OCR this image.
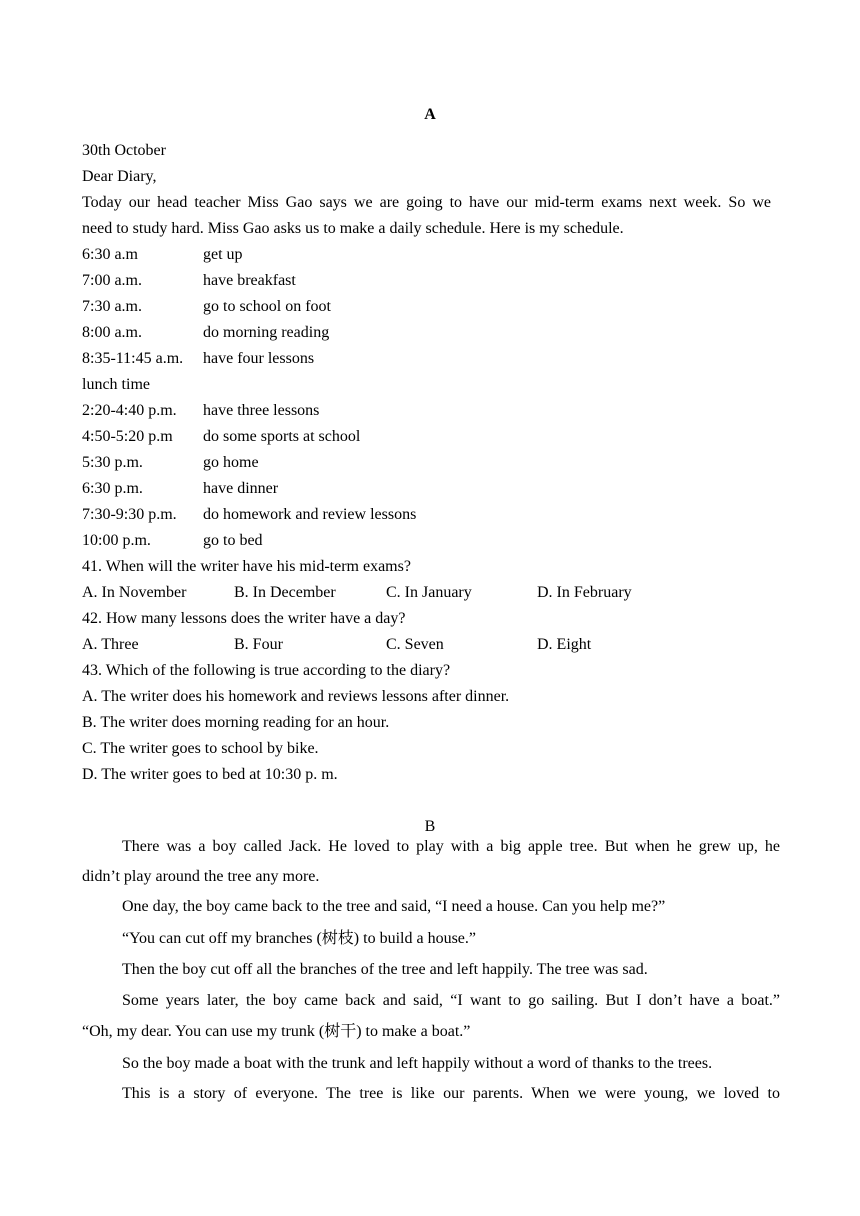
A
30th October
Dear Diary,
Today our head teacher Miss Gao says we are going to have our mid-term exams next week. So we
need to study hard. Miss Gao asks us to make a daily schedule. Here is my schedule.
6:30 a.m	get up
7:00 a.m.	have breakfast
7:30 a.m.	go to school on foot
8:00 a.m.	do morning reading
8:35-11:45 a.m. have four lessons
lunch time
2:20-4:40 p.m. have three lessons
4:50-5:20 p.m do some sports at school
5:30 p.m.	go home
6:30 p.m.	have dinner
7:30-9:30 p.m. do homework and review lessons
10:00 p.m.	go to bed
41. When will the writer have his mid-term exams?
A. In November	B. In December	C. In January	D. In February
42. How many lessons does the writer have a day?
A. Three	B. Four	C. Seven	D. Eight
43. Which of the following is true according to the diary?
A. The writer does his homework and reviews lessons after dinner.
B. The writer does morning reading for an hour.
C. The writer goes to school by bike.
D. The writer goes to bed at 10:30 p. m.
B
There was a boy called Jack. He loved to play with a big apple tree. But when he grew up, he
didn’t play around the tree any more.
One day, the boy came back to the tree and said, “I need a house. Can you help me?”
“You can cut off my branches (树枝) to build a house.”
Then the boy cut off all the branches of the tree and left happily. The tree was sad.
Some years later, the boy came back and said, “I want to go sailing. But I don’t have a boat.”
“Oh, my dear. You can use my trunk (树干) to make a boat.”
So the boy made a boat with the trunk and left happily without a word of thanks to the trees.
This is a story of everyone. The tree is like our parents. When we were young, we loved to
